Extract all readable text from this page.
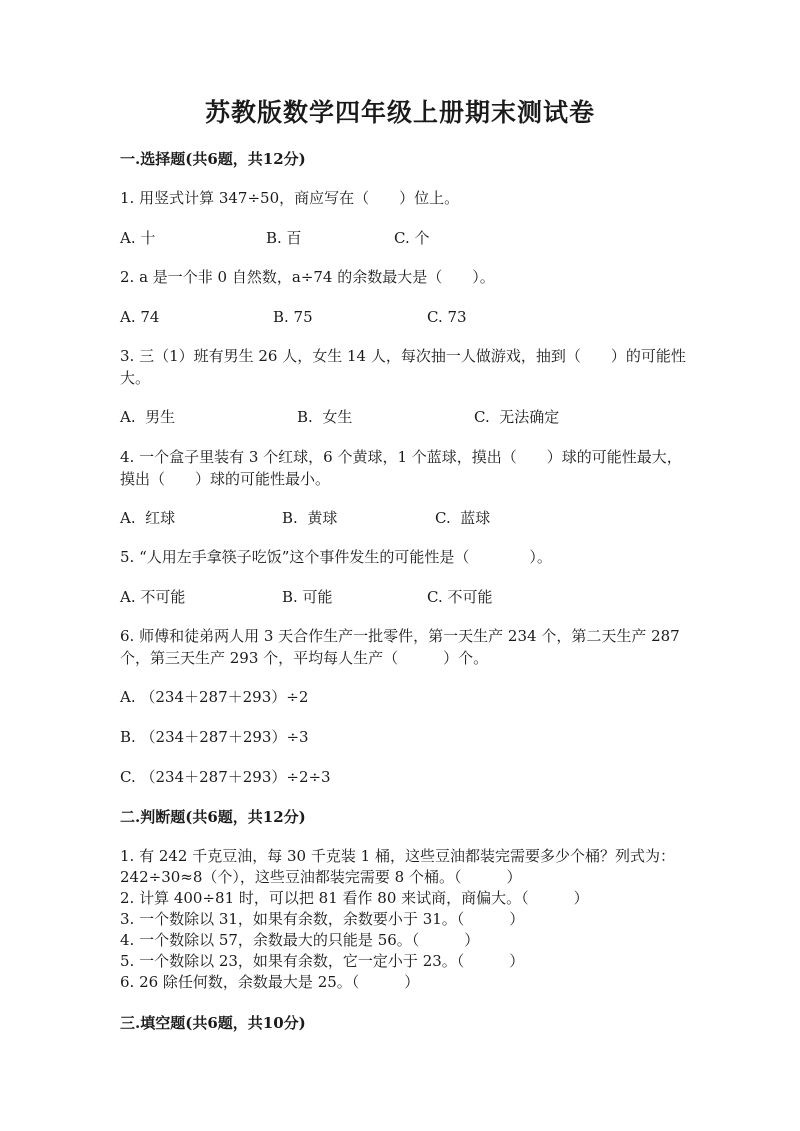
苏教版数学四年级上册期末测试卷
一.选择题(共6题，共12分)
1. 用竖式计算 347÷50，商应写在（　　）位上。
A. 十	B. 百	C. 个
2. a 是一个非 0 自然数，a÷74 的余数最大是（　　）。
A. 74	B. 75	C. 73
3. 三（1）班有男生 26 人，女生 14 人，每次抽一人做游戏，抽到（　　）的可能性大。
A.  男生	B.  女生	C.  无法确定
4. 一个盒子里装有 3 个红球，6 个黄球，1 个蓝球，摸出（　　）球的可能性最大，摸出（　　）球的可能性最小。
A.  红球	B.  黄球	C.  蓝球
5. “人用左手拿筷子吃饭”这个事件发生的可能性是（　　　　）。
A. 不可能	B. 可能	C. 不可能
6. 师傅和徒弟两人用 3 天合作生产一批零件，第一天生产 234 个，第二天生产 287 个，第三天生产 293 个，平均每人生产（　　　）个。
A. （234＋287＋293）÷2
B. （234＋287＋293）÷3
C. （234＋287＋293）÷2÷3
二.判断题(共6题，共12分)
1. 有 242 千克豆油，每 30 千克装 1 桶，这些豆油都装完需要多少个桶？列式为：242÷30≈8（个），这些豆油都装完需要 8 个桶。（　　　）
2. 计算 400÷81 时，可以把 81 看作 80 来试商，商偏大。（　　　）
3. 一个数除以 31，如果有余数，余数要小于 31。（　　　）
4. 一个数除以 57，余数最大的只能是 56。（　　　）
5. 一个数除以 23，如果有余数，它一定小于 23。（　　　）
6. 26 除任何数，余数最大是 25。（　　　）
三.填空题(共6题，共10分)
